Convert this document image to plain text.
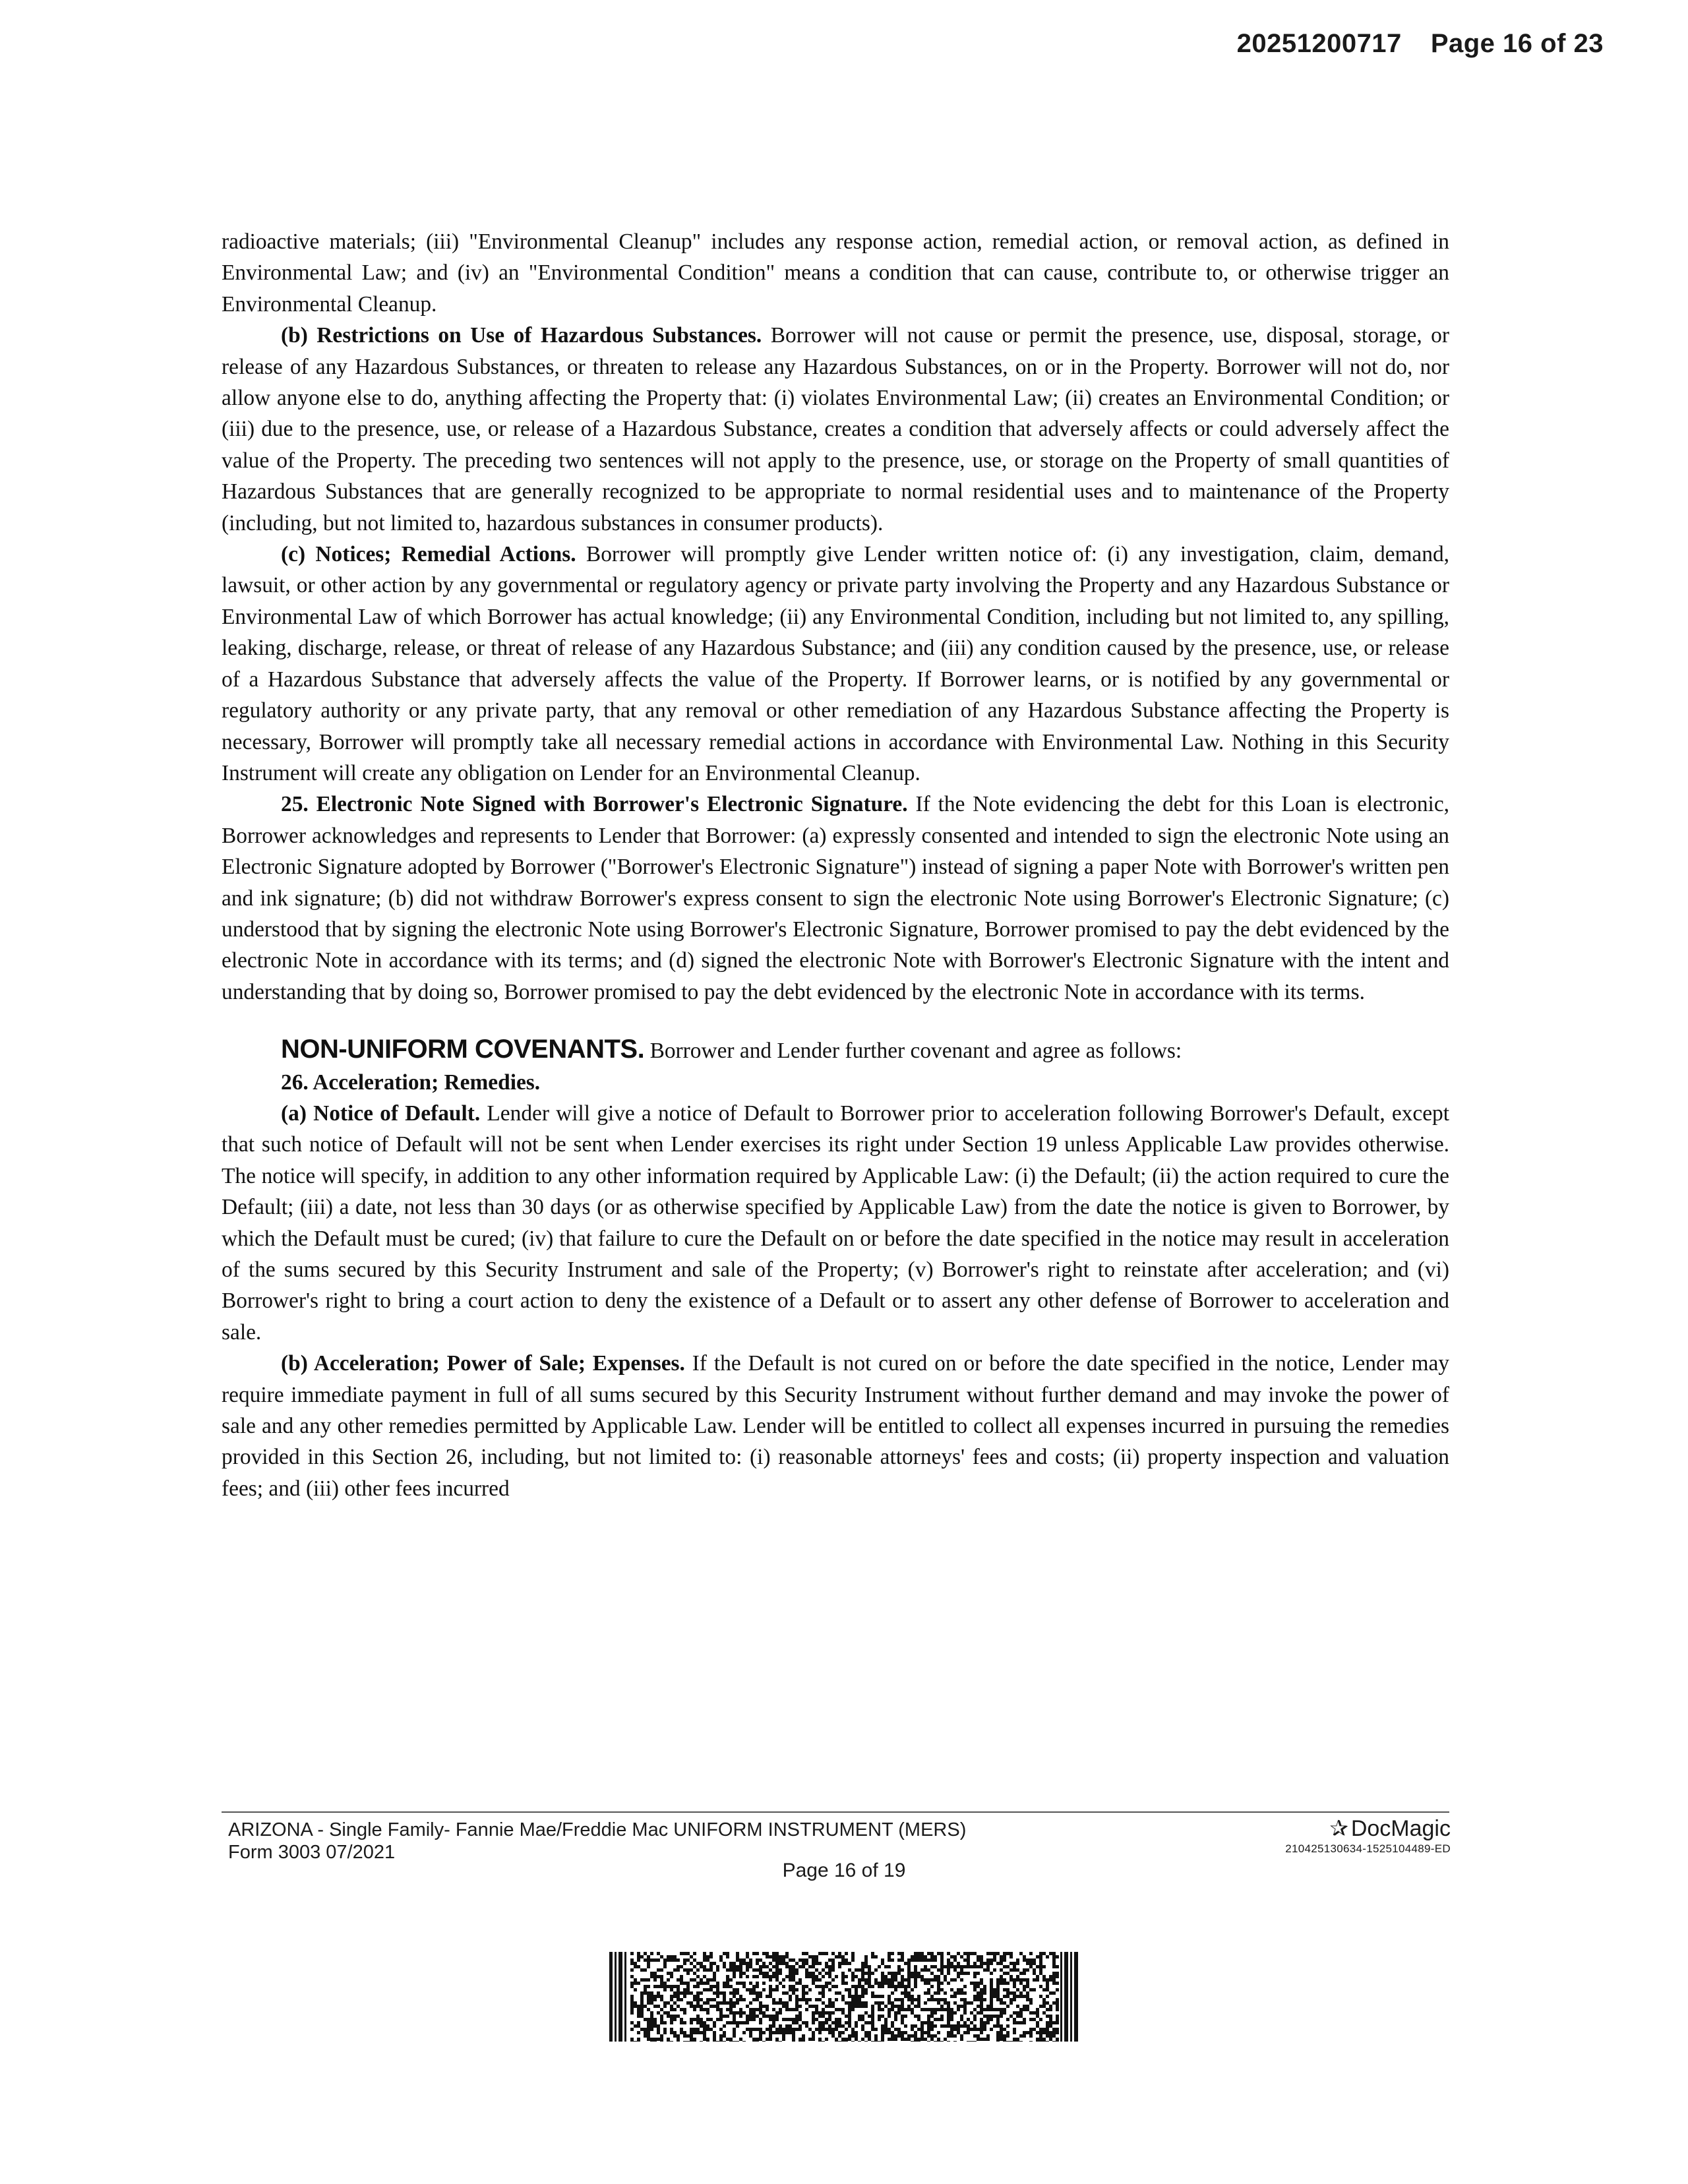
20251200717 Page 16 of 23

radioactive materials; (iii) "Environmental Cleanup" includes any response action, remedial action, or removal action, as defined in Environmental Law; and (iv) an "Environmental Condition" means a condition that can cause, contribute to, or otherwise trigger an Environmental Cleanup.

(b) Restrictions on Use of Hazardous Substances. Borrower will not cause or permit the presence, use, disposal, storage, or release of any Hazardous Substances, or threaten to release any Hazardous Substances, on or in the Property. Borrower will not do, nor allow anyone else to do, anything affecting the Property that: (i) violates Environmental Law; (ii) creates an Environmental Condition; or (iii) due to the presence, use, or release of a Hazardous Substance, creates a condition that adversely affects or could adversely affect the value of the Property. The preceding two sentences will not apply to the presence, use, or storage on the Property of small quantities of Hazardous Substances that are generally recognized to be appropriate to normal residential uses and to maintenance of the Property (including, but not limited to, hazardous substances in consumer products).

(c) Notices; Remedial Actions. Borrower will promptly give Lender written notice of: (i) any investigation, claim, demand, lawsuit, or other action by any governmental or regulatory agency or private party involving the Property and any Hazardous Substance or Environmental Law of which Borrower has actual knowledge; (ii) any Environmental Condition, including but not limited to, any spilling, leaking, discharge, release, or threat of release of any Hazardous Substance; and (iii) any condition caused by the presence, use, or release of a Hazardous Substance that adversely affects the value of the Property. If Borrower learns, or is notified by any governmental or regulatory authority or any private party, that any removal or other remediation of any Hazardous Substance affecting the Property is necessary, Borrower will promptly take all necessary remedial actions in accordance with Environmental Law. Nothing in this Security Instrument will create any obligation on Lender for an Environmental Cleanup.

25. Electronic Note Signed with Borrower's Electronic Signature. If the Note evidencing the debt for this Loan is electronic, Borrower acknowledges and represents to Lender that Borrower: (a) expressly consented and intended to sign the electronic Note using an Electronic Signature adopted by Borrower ("Borrower's Electronic Signature") instead of signing a paper Note with Borrower's written pen and ink signature; (b) did not withdraw Borrower's express consent to sign the electronic Note using Borrower's Electronic Signature; (c) understood that by signing the electronic Note using Borrower's Electronic Signature, Borrower promised to pay the debt evidenced by the electronic Note in accordance with its terms; and (d) signed the electronic Note with Borrower's Electronic Signature with the intent and understanding that by doing so, Borrower promised to pay the debt evidenced by the electronic Note in accordance with its terms.

NON-UNIFORM COVENANTS. Borrower and Lender further covenant and agree as follows:

26. Acceleration; Remedies.

(a) Notice of Default. Lender will give a notice of Default to Borrower prior to acceleration following Borrower's Default, except that such notice of Default will not be sent when Lender exercises its right under Section 19 unless Applicable Law provides otherwise. The notice will specify, in addition to any other information required by Applicable Law: (i) the Default; (ii) the action required to cure the Default; (iii) a date, not less than 30 days (or as otherwise specified by Applicable Law) from the date the notice is given to Borrower, by which the Default must be cured; (iv) that failure to cure the Default on or before the date specified in the notice may result in acceleration of the sums secured by this Security Instrument and sale of the Property; (v) Borrower's right to reinstate after acceleration; and (vi) Borrower's right to bring a court action to deny the existence of a Default or to assert any other defense of Borrower to acceleration and sale.

(b) Acceleration; Power of Sale; Expenses. If the Default is not cured on or before the date specified in the notice, Lender may require immediate payment in full of all sums secured by this Security Instrument without further demand and may invoke the power of sale and any other remedies permitted by Applicable Law. Lender will be entitled to collect all expenses incurred in pursuing the remedies provided in this Section 26, including, but not limited to: (i) reasonable attorneys' fees and costs; (ii) property inspection and valuation fees; and (iii) other fees incurred

ARIZONA - Single Family- Fannie Mae/Freddie Mac UNIFORM INSTRUMENT (MERS)
Form 3003 07/2021
✰ DocMagic
210425130634-1525104489-ED
Page 16 of 19
